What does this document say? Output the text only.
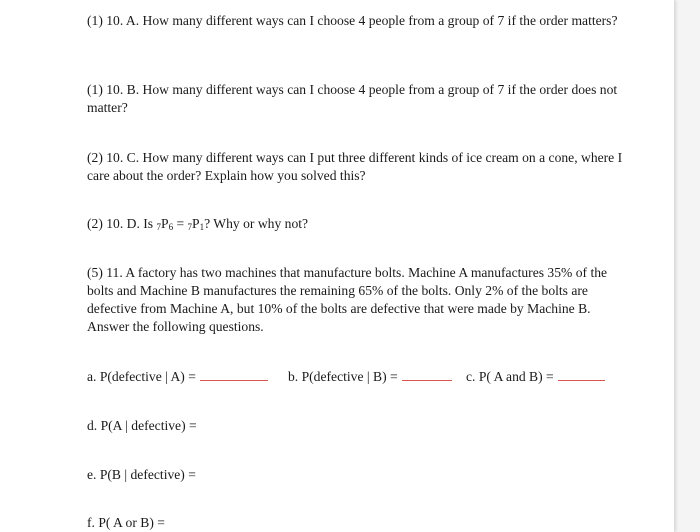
(1) 10. A. How many different ways can I choose 4 people from a group of 7 if the order matters?

(1) 10. B. How many different ways can I choose 4 people from a group of 7 if the order does not matter?

(2) 10. C. How many different ways can I put three different kinds of ice cream on a cone, where I care about the order? Explain how you solved this?

(2) 10. D. Is $_7P_6 = _7P_1$? Why or why not?

(5) 11. A factory has two machines that manufacture bolts. Machine A manufactures 35% of the bolts and Machine B manufactures the remaining 65% of the bolts. Only 2% of the bolts are defective from Machine A, but 10% of the bolts are defective that were made by Machine B. Answer the following questions.

a. P(defective | A) =	b. P(defective | B) =	c. P( A and B) =
d. P(A | defective) =
e. P(B | defective) =
f. P( A or B) =
